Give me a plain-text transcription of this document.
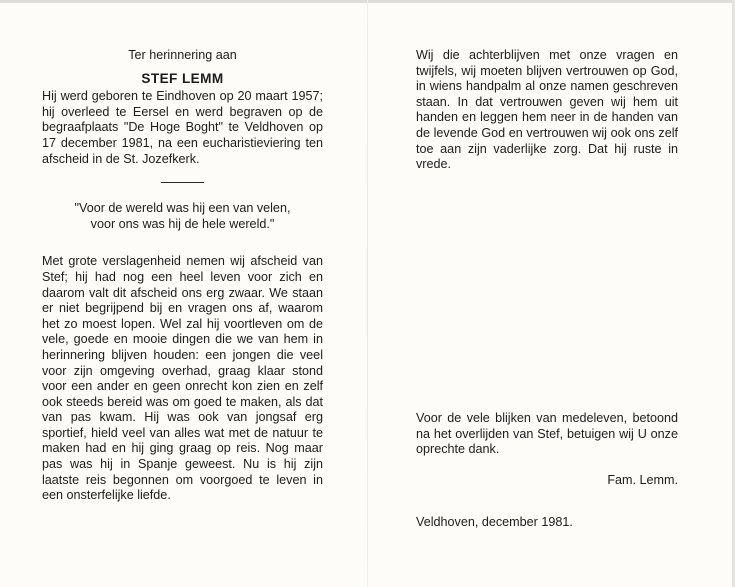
Ter herinnering aan
STEF LEMM
Hij werd geboren te Eindhoven op 20 maart 1957; hij overleed te Eersel en werd begraven op de begraafplaats "De Hoge Boght" te Veldhoven op 17 december 1981, na een eucharistieviering ten afscheid in de St. Jozefkerk.
"Voor de wereld was hij een van velen,
voor ons was hij de hele wereld."
Met grote verslagenheid nemen wij afscheid van Stef; hij had nog een heel leven voor zich en daarom valt dit afscheid ons erg zwaar. We staan er niet begrijpend bij en vragen ons af, waarom het zo moest lopen. Wel zal hij voortleven om de vele, goede en mooie dingen die we van hem in herinnering blijven houden: een jongen die veel voor zijn omgeving overhad, graag klaar stond voor een ander en geen onrecht kon zien en zelf ook steeds bereid was om goed te maken, als dat van pas kwam. Hij was ook van jongsaf erg sportief, hield veel van alles wat met de natuur te maken had en hij ging graag op reis. Nog maar pas was hij in Spanje geweest. Nu is hij zijn laatste reis begonnen om voorgoed te leven in een onsterfelijke liefde.
Wij die achterblijven met onze vragen en twijfels, wij moeten blijven vertrouwen op God, in wiens handpalm al onze namen geschreven staan. In dat vertrouwen geven wij hem uit handen en leggen hem neer in de handen van de levende God en vertrouwen wij ook ons zelf toe aan zijn vaderlijke zorg. Dat hij ruste in vrede.
Voor de vele blijken van medeleven, betoond na het overlijden van Stef, betuigen wij U onze oprechte dank.
Fam. Lemm.
Veldhoven, december 1981.
